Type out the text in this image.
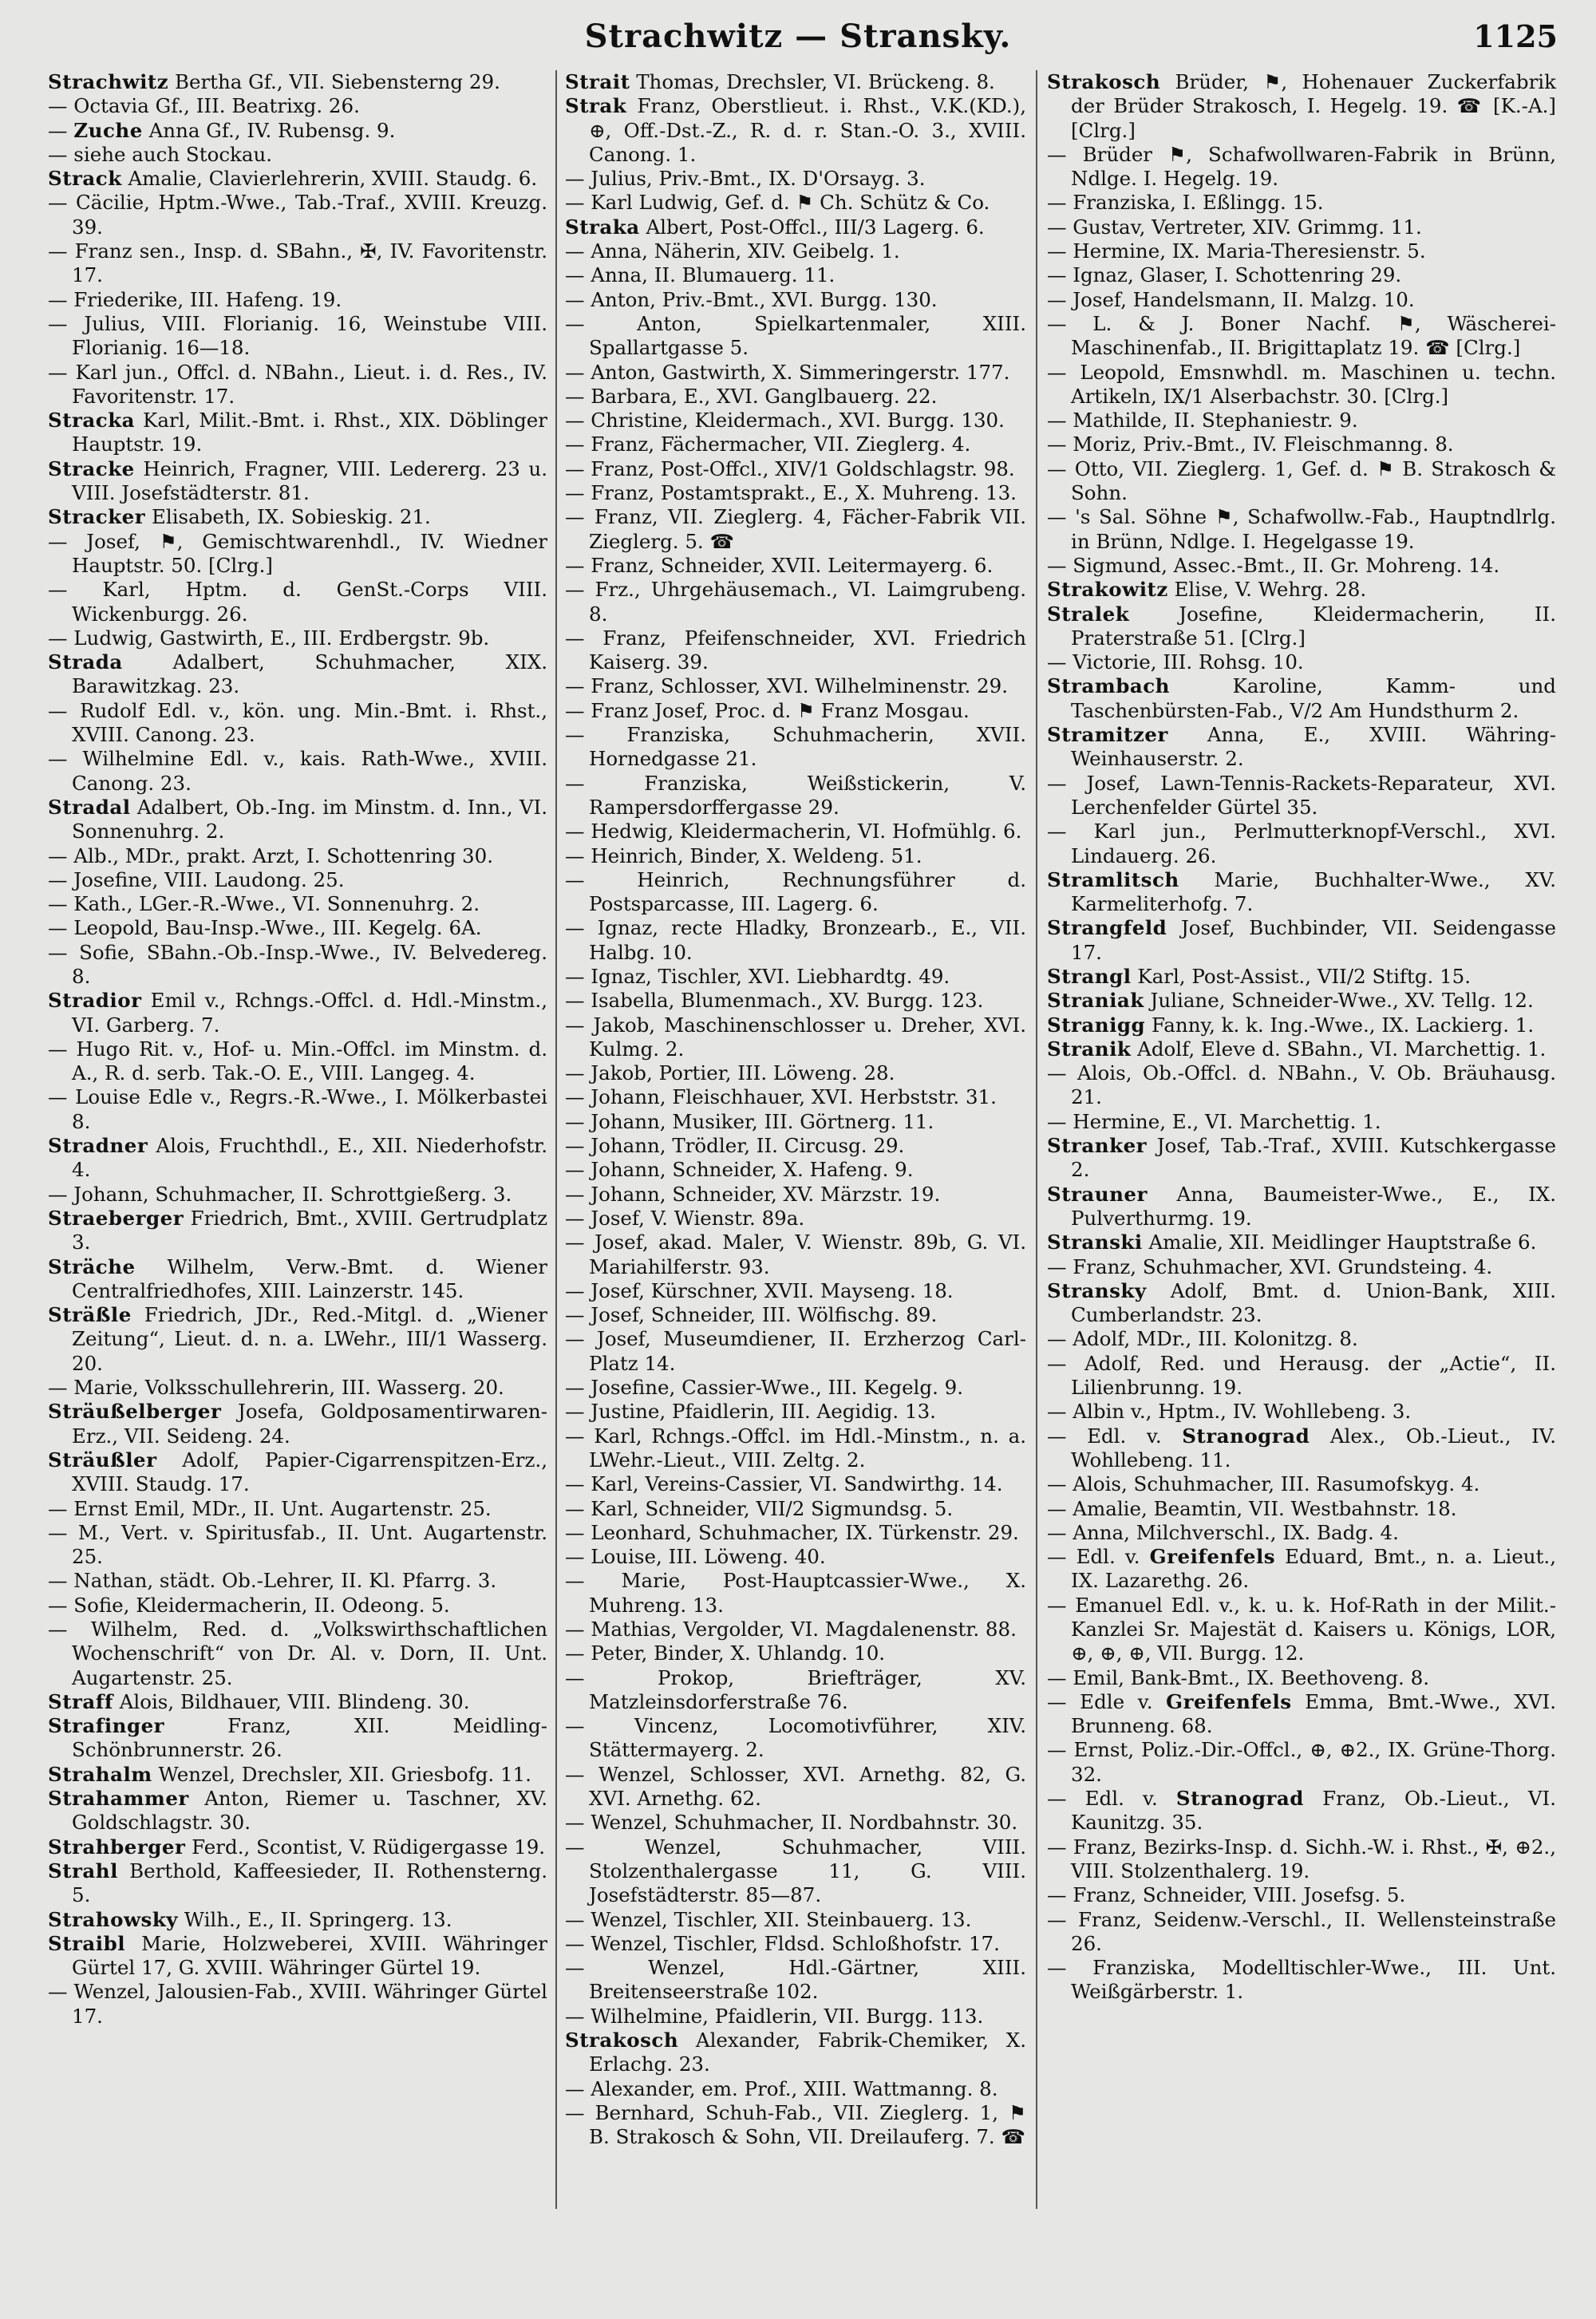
Strachwitz — Stransky.	1125
Strachwitz Bertha Gf., VII. Siebensterng 29.
— Octavia Gf., III. Beatrixg. 26.
— Zuche Anna Gf., IV. Rubensg. 9.
— siehe auch Stockau.
Strack Amalie, Clavierlehrerin, XVIII. Staudg. 6.
— Cäcilie, Hptm.-Wwe., Tab.-Traf., XVIII. Kreuzg. 39.
— Franz sen., Insp. d. SBahn., ✠, IV. Favoritenstr. 17.
— Friederike, III. Hafeng. 19.
— Julius, VIII. Florianig. 16, Weinstube VIII. Florianig. 16—18.
— Karl jun., Offcl. d. NBahn., Lieut. i. d. Res., IV. Favoritenstr. 17.
Stracka Karl, Milit.-Bmt. i. Rhst., XIX. Döblinger Hauptstr. 19.
Stracke Heinrich, Fragner, VIII. Ledererg. 23 u. VIII. Josefstädterstr. 81.
Stracker Elisabeth, IX. Sobieskig. 21.
— Josef, ⚑, Gemischtwarenhdl., IV. Wiedner Hauptstr. 50. [Clrg.]
— Karl, Hptm. d. GenSt.-Corps VIII. Wickenburgg. 26.
— Ludwig, Gastwirth, E., III. Erdbergstr. 9b.
Strada Adalbert, Schuhmacher, XIX. Barawitzkag. 23.
— Rudolf Edl. v., kön. ung. Min.-Bmt. i. Rhst., XVIII. Canong. 23.
— Wilhelmine Edl. v., kais. Rath-Wwe., XVIII. Canong. 23.
Stradal Adalbert, Ob.-Ing. im Minstm. d. Inn., VI. Sonnenuhrg. 2.
— Alb., MDr., prakt. Arzt, I. Schottenring 30.
— Josefine, VIII. Laudong. 25.
— Kath., LGer.-R.-Wwe., VI. Sonnenuhrg. 2.
— Leopold, Bau-Insp.-Wwe., III. Kegelg. 6A.
— Sofie, SBahn.-Ob.-Insp.-Wwe., IV. Belvedereg. 8.
Stradior Emil v., Rchngs.-Offcl. d. Hdl.-Minstm., VI. Garberg. 7.
— Hugo Rit. v., Hof- u. Min.-Offcl. im Minstm. d. A., R. d. serb. Tak.-O. E., VIII. Langeg. 4.
— Louise Edle v., Regrs.-R.-Wwe., I. Mölkerbastei 8.
Stradner Alois, Fruchthdl., E., XII. Niederhofstr. 4.
— Johann, Schuhmacher, II. Schrottgießerg. 3.
Straeberger Friedrich, Bmt., XVIII. Gertrudplatz 3.
Sträche Wilhelm, Verw.-Bmt. d. Wiener Centralfriedhofes, XIII. Lainzerstr. 145.
Sträßle Friedrich, JDr., Red.-Mitgl. d. „Wiener Zeitung“, Lieut. d. n. a. LWehr., III/1 Wasserg. 20.
— Marie, Volksschullehrerin, III. Wasserg. 20.
Sträußelberger Josefa, Goldposamentirwaren-Erz., VII. Seideng. 24.
Sträußler Adolf, Papier-Cigarrenspitzen-Erz., XVIII. Staudg. 17.
— Ernst Emil, MDr., II. Unt. Augartenstr. 25.
— M., Vert. v. Spiritusfab., II. Unt. Augartenstr. 25.
— Nathan, städt. Ob.-Lehrer, II. Kl. Pfarrg. 3.
— Sofie, Kleidermacherin, II. Odeong. 5.
— Wilhelm, Red. d. „Volkswirthschaftlichen Wochenschrift“ von Dr. Al. v. Dorn, II. Unt. Augartenstr. 25.
Straff Alois, Bildhauer, VIII. Blindeng. 30.
Strafinger Franz, XII. Meidling-Schönbrunnerstr. 26.
Strahalm Wenzel, Drechsler, XII. Griesbofg. 11.
Strahammer Anton, Riemer u. Taschner, XV. Goldschlagstr. 30.
Strahberger Ferd., Scontist, V. Rüdigergasse 19.
Strahl Berthold, Kaffeesieder, II. Rothensterng. 5.
Strahowsky Wilh., E., II. Springerg. 13.
Straibl Marie, Holzweberei, XVIII. Währinger Gürtel 17, G. XVIII. Währinger Gürtel 19.
— Wenzel, Jalousien-Fab., XVIII. Währinger Gürtel 17.
Strait Thomas, Drechsler, VI. Brückeng. 8.
Strak Franz, Oberstlieut. i. Rhst., V.K.(KD.), ⊕, Off.-Dst.-Z., R. d. r. Stan.-O. 3., XVIII. Canong. 1.
— Julius, Priv.-Bmt., IX. D'Orsayg. 3.
— Karl Ludwig, Gef. d. ⚑ Ch. Schütz & Co.
Straka Albert, Post-Offcl., III/3 Lagerg. 6.
— Anna, Näherin, XIV. Geibelg. 1.
— Anna, II. Blumauerg. 11.
— Anton, Priv.-Bmt., XVI. Burgg. 130.
— Anton, Spielkartenmaler, XIII. Spallartgasse 5.
— Anton, Gastwirth, X. Simmeringerstr. 177.
— Barbara, E., XVI. Ganglbauerg. 22.
— Christine, Kleidermach., XVI. Burgg. 130.
— Franz, Fächermacher, VII. Zieglerg. 4.
— Franz, Post-Offcl., XIV/1 Goldschlagstr. 98.
— Franz, Postamtsprakt., E., X. Muhreng. 13.
— Franz, VII. Zieglerg. 4, Fächer-Fabrik VII. Zieglerg. 5. ☎
— Franz, Schneider, XVII. Leitermayerg. 6.
— Frz., Uhrgehäusemach., VI. Laimgrubeng. 8.
— Franz, Pfeifenschneider, XVI. Friedrich Kaiserg. 39.
— Franz, Schlosser, XVI. Wilhelminenstr. 29.
— Franz Josef, Proc. d. ⚑ Franz Mosgau.
— Franziska, Schuhmacherin, XVII. Hornedgasse 21.
— Franziska, Weißstickerin, V. Rampersdorffergasse 29.
— Hedwig, Kleidermacherin, VI. Hofmühlg. 6.
— Heinrich, Binder, X. Weldeng. 51.
— Heinrich, Rechnungsführer d. Postsparcasse, III. Lagerg. 6.
— Ignaz, recte Hladky, Bronzearb., E., VII. Halbg. 10.
— Ignaz, Tischler, XVI. Liebhardtg. 49.
— Isabella, Blumenmach., XV. Burgg. 123.
— Jakob, Maschinenschlosser u. Dreher, XVI. Kulmg. 2.
— Jakob, Portier, III. Löweng. 28.
— Johann, Fleischhauer, XVI. Herbststr. 31.
— Johann, Musiker, III. Görtnerg. 11.
— Johann, Trödler, II. Circusg. 29.
— Johann, Schneider, X. Hafeng. 9.
— Johann, Schneider, XV. Märzstr. 19.
— Josef, V. Wienstr. 89a.
— Josef, akad. Maler, V. Wienstr. 89b, G. VI. Mariahilferstr. 93.
— Josef, Kürschner, XVII. Mayseng. 18.
— Josef, Schneider, III. Wölfischg. 89.
— Josef, Museumdiener, II. Erzherzog Carl-Platz 14.
— Josefine, Cassier-Wwe., III. Kegelg. 9.
— Justine, Pfaidlerin, III. Aegidig. 13.
— Karl, Rchngs.-Offcl. im Hdl.-Minstm., n. a. LWehr.-Lieut., VIII. Zeltg. 2.
— Karl, Vereins-Cassier, VI. Sandwirthg. 14.
— Karl, Schneider, VII/2 Sigmundsg. 5.
— Leonhard, Schuhmacher, IX. Türkenstr. 29.
— Louise, III. Löweng. 40.
— Marie, Post-Hauptcassier-Wwe., X. Muhreng. 13.
— Mathias, Vergolder, VI. Magdalenenstr. 88.
— Peter, Binder, X. Uhlandg. 10.
— Prokop, Briefträger, XV. Matzleinsdorferstraße 76.
— Vincenz, Locomotivführer, XIV. Stättermayerg. 2.
— Wenzel, Schlosser, XVI. Arnethg. 82, G. XVI. Arnethg. 62.
— Wenzel, Schuhmacher, II. Nordbahnstr. 30.
— Wenzel, Schuhmacher, VIII. Stolzenthalergasse 11, G. VIII. Josefstädterstr. 85—87.
— Wenzel, Tischler, XII. Steinbauerg. 13.
— Wenzel, Tischler, Fldsd. Schloßhofstr. 17.
— Wenzel, Hdl.-Gärtner, XIII. Breitenseerstraße 102.
— Wilhelmine, Pfaidlerin, VII. Burgg. 113.
Strakosch Alexander, Fabrik-Chemiker, X. Erlachg. 23.
— Alexander, em. Prof., XIII. Wattmanng. 8.
— Bernhard, Schuh-Fab., VII. Zieglerg. 1, ⚑ B. Strakosch & Sohn, VII. Dreilauferg. 7. ☎
Strakosch Brüder, ⚑, Hohenauer Zuckerfabrik der Brüder Strakosch, I. Hegelg. 19. ☎ [K.-A.] [Clrg.]
— Brüder ⚑, Schafwollwaren-Fabrik in Brünn, Ndlge. I. Hegelg. 19.
— Franziska, I. Eßlingg. 15.
— Gustav, Vertreter, XIV. Grimmg. 11.
— Hermine, IX. Maria-Theresienstr. 5.
— Ignaz, Glaser, I. Schottenring 29.
— Josef, Handelsmann, II. Malzg. 10.
— L. & J. Boner Nachf. ⚑, Wäscherei-Maschinenfab., II. Brigittaplatz 19. ☎ [Clrg.]
— Leopold, Emsnwhdl. m. Maschinen u. techn. Artikeln, IX/1 Alserbachstr. 30. [Clrg.]
— Mathilde, II. Stephaniestr. 9.
— Moriz, Priv.-Bmt., IV. Fleischmanng. 8.
— Otto, VII. Zieglerg. 1, Gef. d. ⚑ B. Strakosch & Sohn.
— 's Sal. Söhne ⚑, Schafwollw.-Fab., Hauptndlrlg. in Brünn, Ndlge. I. Hegelgasse 19.
— Sigmund, Assec.-Bmt., II. Gr. Mohreng. 14.
Strakowitz Elise, V. Wehrg. 28.
Stralek Josefine, Kleidermacherin, II. Praterstraße 51. [Clrg.]
— Victorie, III. Rohsg. 10.
Strambach Karoline, Kamm- und Taschenbürsten-Fab., V/2 Am Hundsthurm 2.
Stramitzer Anna, E., XVIII. Währing-Weinhauserstr. 2.
— Josef, Lawn-Tennis-Rackets-Reparateur, XVI. Lerchenfelder Gürtel 35.
— Karl jun., Perlmutterknopf-Verschl., XVI. Lindauerg. 26.
Stramlitsch Marie, Buchhalter-Wwe., XV. Karmeliterhofg. 7.
Strangfeld Josef, Buchbinder, VII. Seidengasse 17.
Strangl Karl, Post-Assist., VII/2 Stiftg. 15.
Straniak Juliane, Schneider-Wwe., XV. Tellg. 12.
Stranigg Fanny, k. k. Ing.-Wwe., IX. Lackierg. 1.
Stranik Adolf, Eleve d. SBahn., VI. Marchettig. 1.
— Alois, Ob.-Offcl. d. NBahn., V. Ob. Bräuhausg. 21.
— Hermine, E., VI. Marchettig. 1.
Stranker Josef, Tab.-Traf., XVIII. Kutschkergasse 2.
Strauner Anna, Baumeister-Wwe., E., IX. Pulverthurmg. 19.
Stranski Amalie, XII. Meidlinger Hauptstraße 6.
— Franz, Schuhmacher, XVI. Grundsteing. 4.
Stransky Adolf, Bmt. d. Union-Bank, XIII. Cumberlandstr. 23.
— Adolf, MDr., III. Kolonitzg. 8.
— Adolf, Red. und Herausg. der „Actie“, II. Lilienbrunng. 19.
— Albin v., Hptm., IV. Wohllebeng. 3.
— Edl. v. Stranograd Alex., Ob.-Lieut., IV. Wohllebeng. 11.
— Alois, Schuhmacher, III. Rasumofskyg. 4.
— Amalie, Beamtin, VII. Westbahnstr. 18.
— Anna, Milchverschl., IX. Badg. 4.
— Edl. v. Greifenfels Eduard, Bmt., n. a. Lieut., IX. Lazarethg. 26.
— Emanuel Edl. v., k. u. k. Hof-Rath in der Milit.-Kanzlei Sr. Majestät d. Kaisers u. Königs, LOR, ⊕, ⊕, ⊕, VII. Burgg. 12.
— Emil, Bank-Bmt., IX. Beethoveng. 8.
— Edle v. Greifenfels Emma, Bmt.-Wwe., XVI. Brunneng. 68.
— Ernst, Poliz.-Dir.-Offcl., ⊕, ⊕2., IX. Grüne-Thorg. 32.
— Edl. v. Stranograd Franz, Ob.-Lieut., VI. Kaunitzg. 35.
— Franz, Bezirks-Insp. d. Sichh.-W. i. Rhst., ✠, ⊕2., VIII. Stolzenthalerg. 19.
— Franz, Schneider, VIII. Josefsg. 5.
— Franz, Seidenw.-Verschl., II. Wellensteinstraße 26.
— Franziska, Modelltischler-Wwe., III. Unt. Weißgärberstr. 1.
